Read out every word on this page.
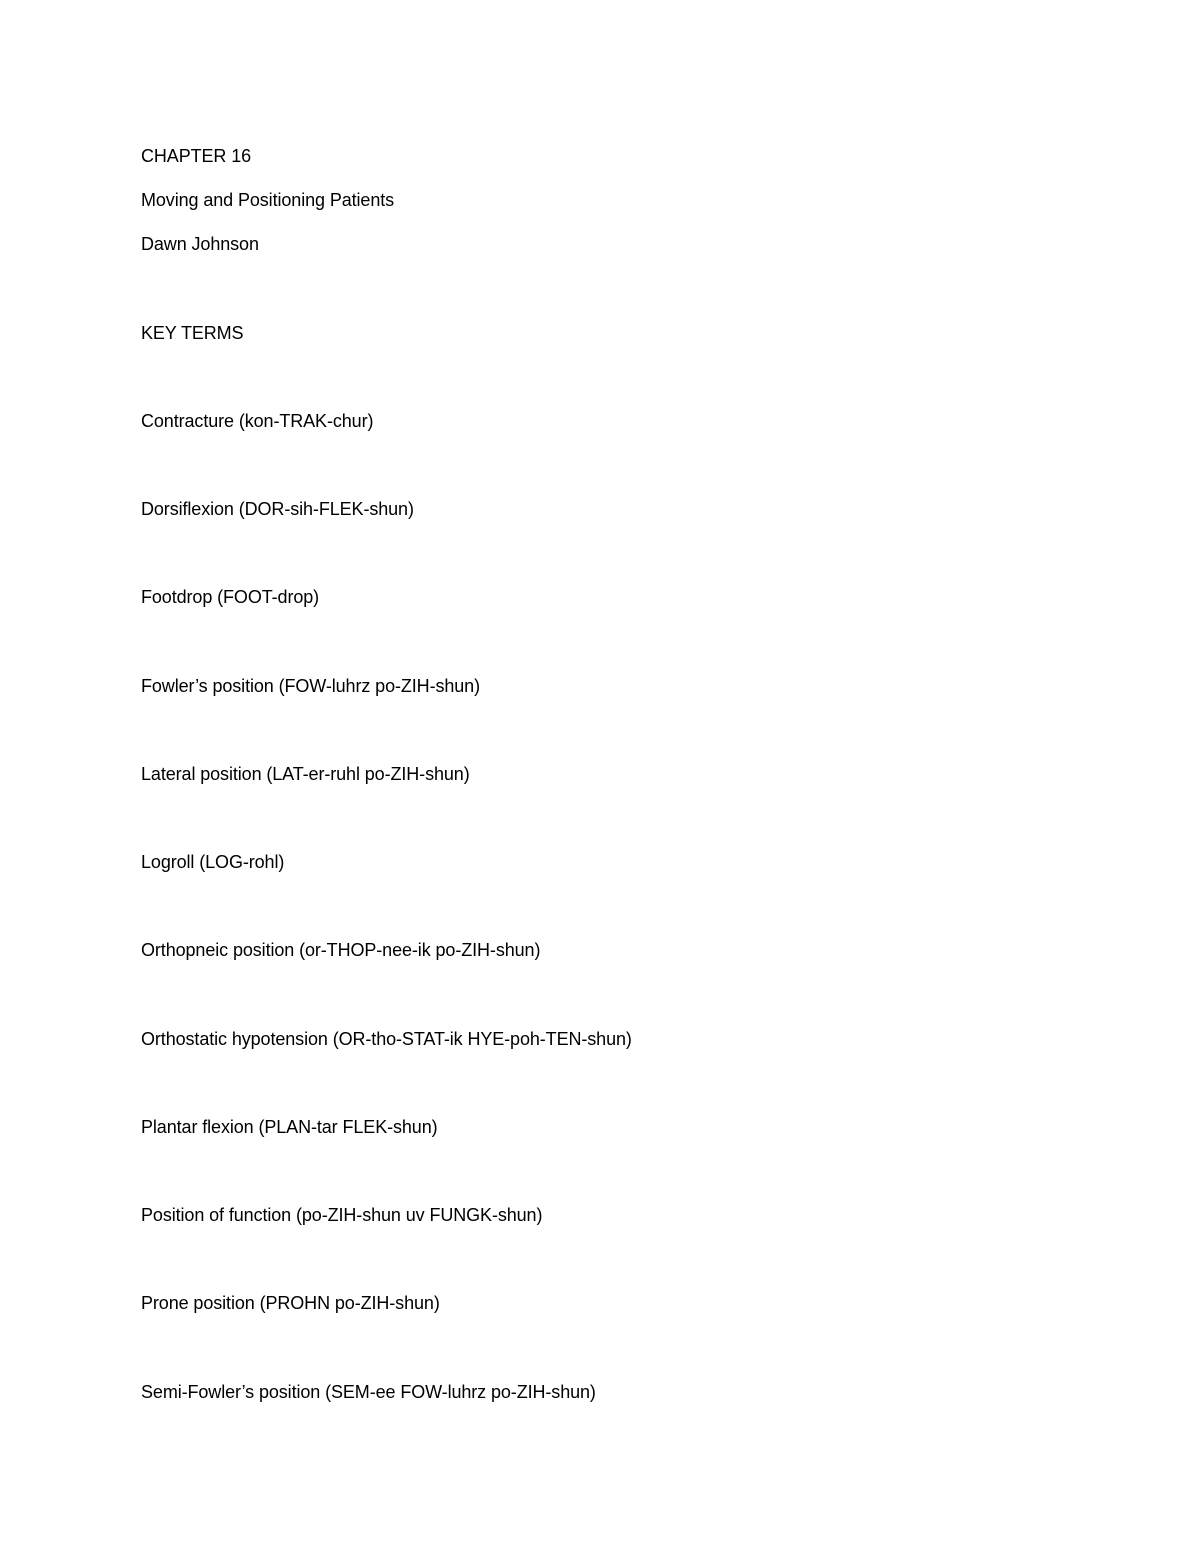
CHAPTER 16
Moving and Positioning Patients
Dawn Johnson
KEY TERMS
Contracture (kon-TRAK-chur)
Dorsiflexion (DOR-sih-FLEK-shun)
Footdrop (FOOT-drop)
Fowler’s position (FOW-luhrz po-ZIH-shun)
Lateral position (LAT-er-ruhl po-ZIH-shun)
Logroll (LOG-rohl)
Orthopneic position (or-THOP-nee-ik po-ZIH-shun)
Orthostatic hypotension (OR-tho-STAT-ik HYE-poh-TEN-shun)
Plantar flexion (PLAN-tar FLEK-shun)
Position of function (po-ZIH-shun uv FUNGK-shun)
Prone position (PROHN po-ZIH-shun)
Semi-Fowler’s position (SEM-ee FOW-luhrz po-ZIH-shun)
